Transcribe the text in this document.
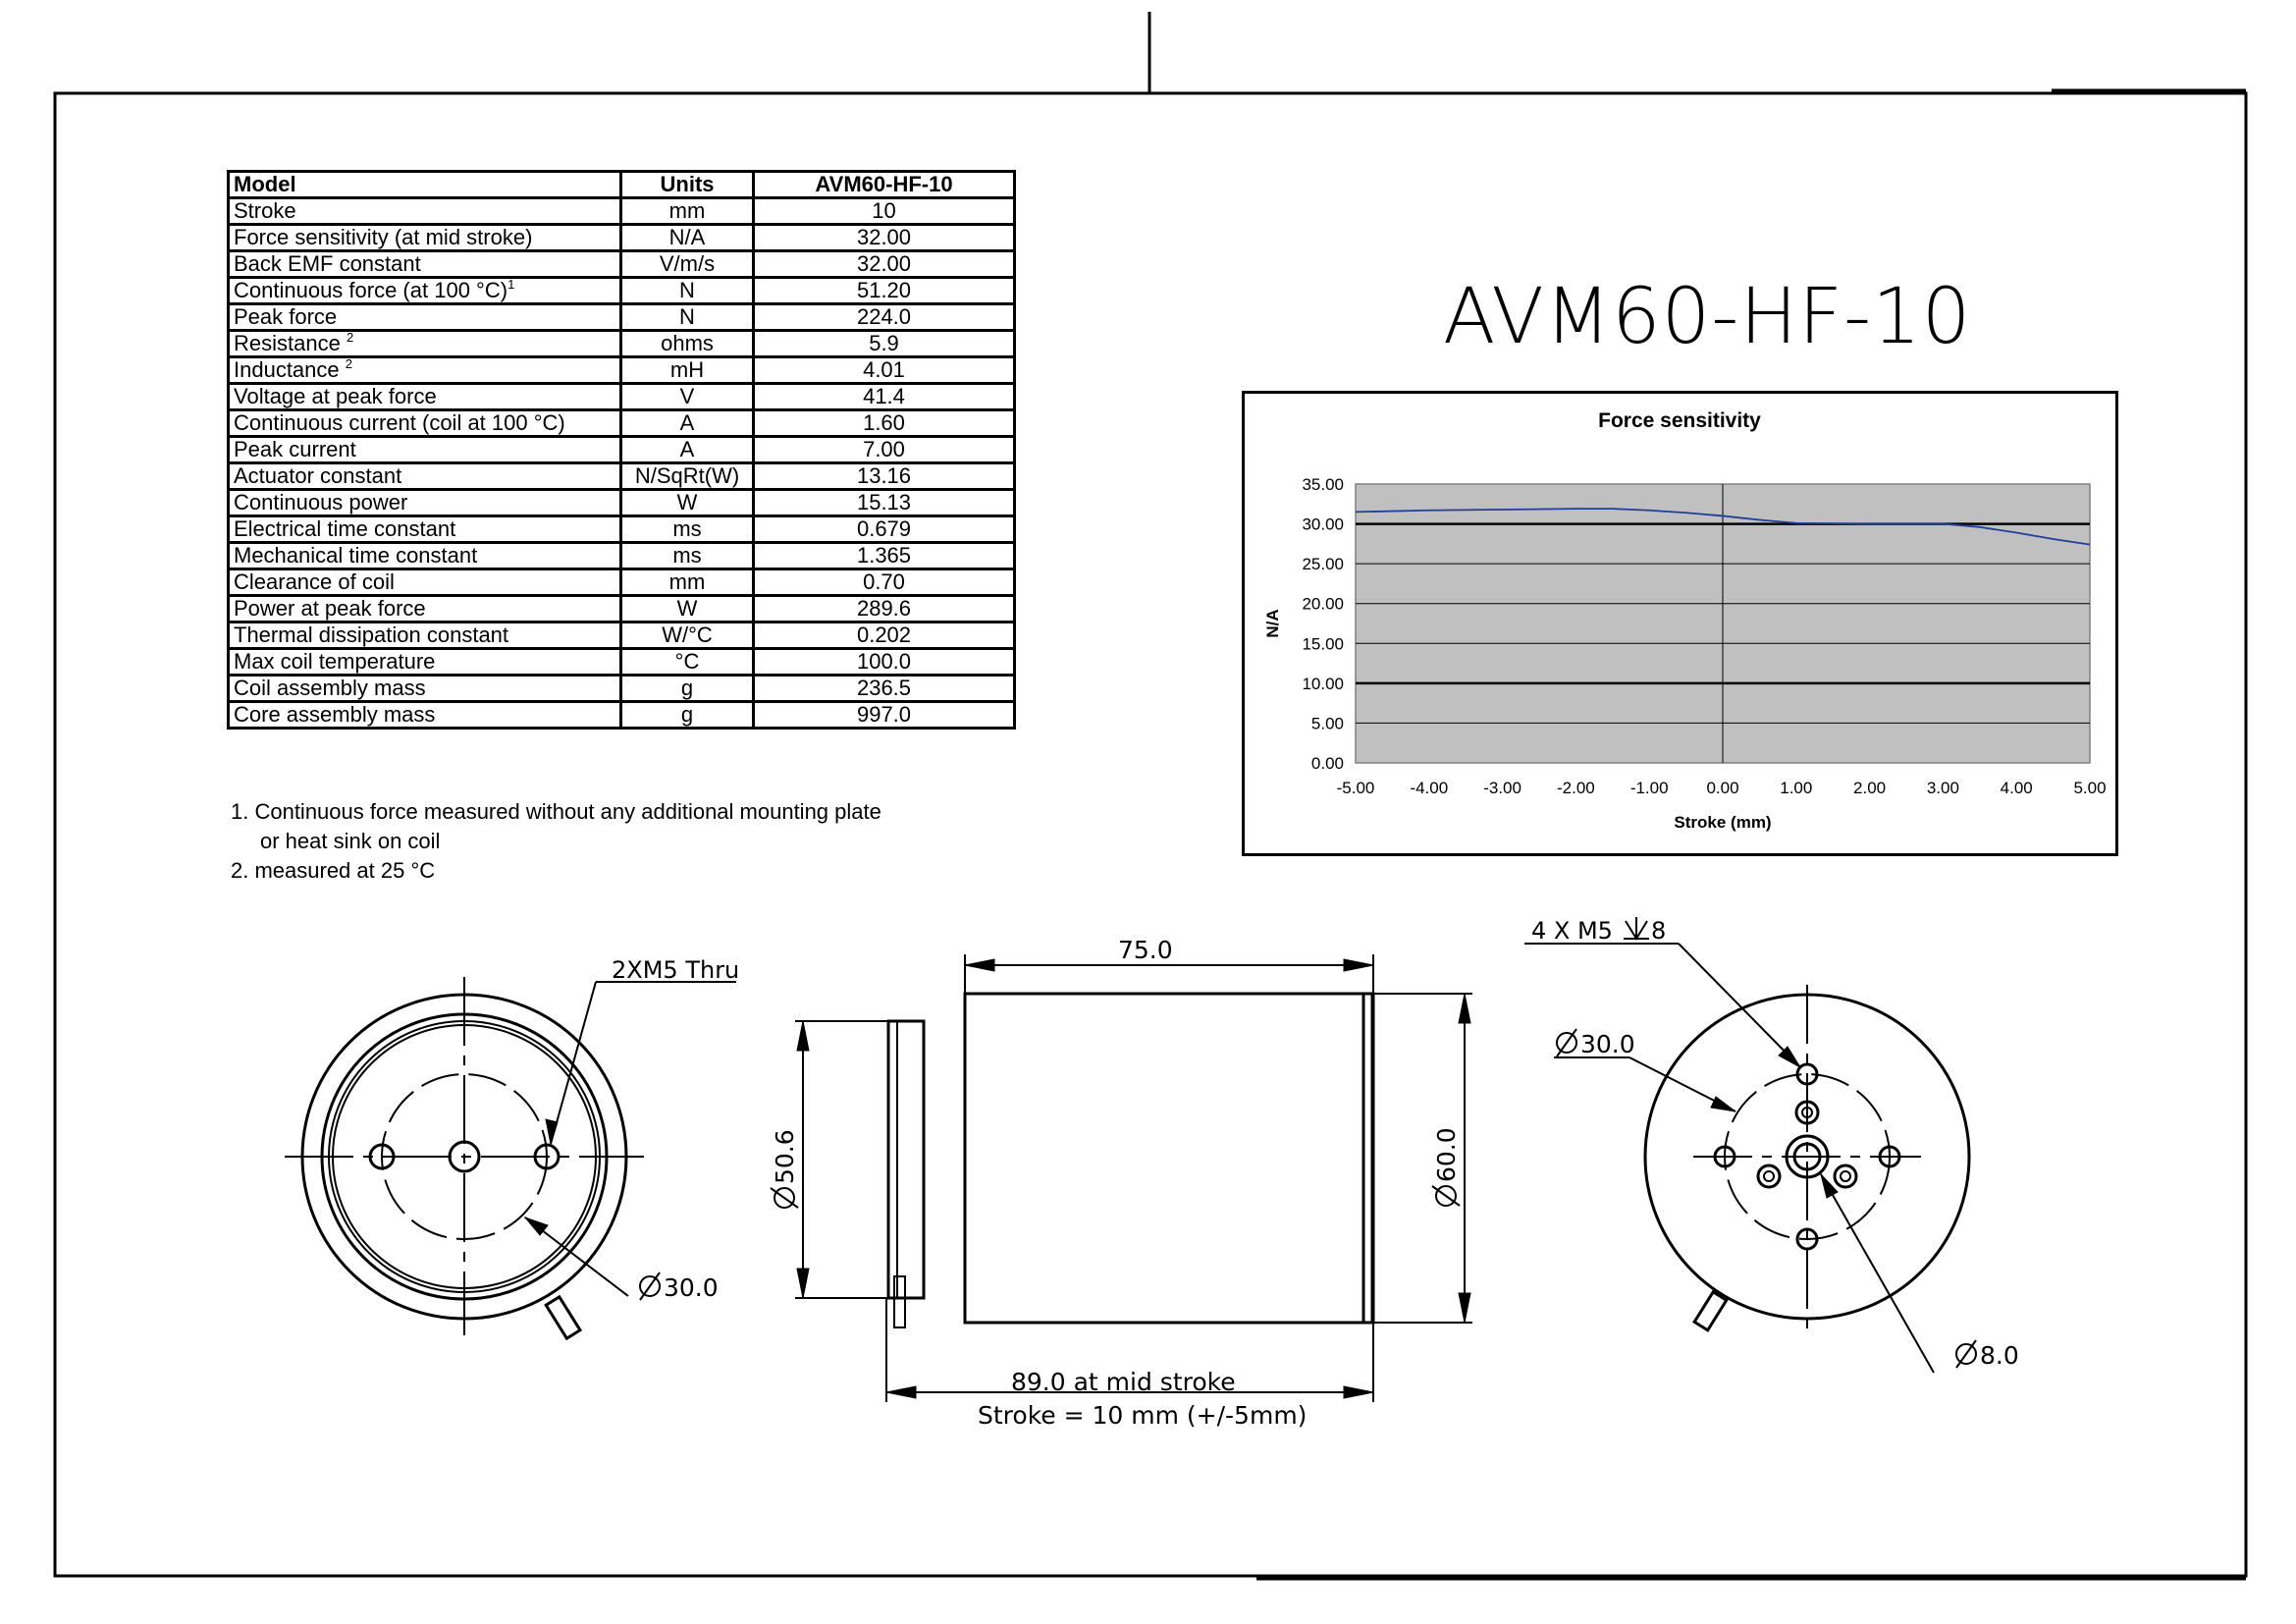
2XM5 Thru
30.0
75.0
50.6	60.0
89.0 at mid stroke
Stroke = 10 mm (+/-5mm)
4 X M5 8
30.0
8.0
Model	Units	AVM60-HF-10
Stroke	mm	10
Force sensitivity (at mid stroke)	N/A	32.00
Back EMF constant	V/m/s	32.00
Continuous force (at 100 °C)$^1$	N	51.20
Peak force	N	224.0
Resistance $^2$	ohms	5.9
Inductance $^2$	mH	4.01
Voltage at peak force	V	41.4
Continuous current (coil at 100 °C)	A	1.60
Peak current	A	7.00
Actuator constant	N/SqRt(W)	13.16
Continuous power	W	15.13
Electrical time constant	ms	0.679
Mechanical time constant	ms	1.365
Clearance of coil	mm	0.70
Power at peak force	W	289.6
Thermal dissipation constant	W/°C	0.202
Max coil temperature	°C	100.0
Coil assembly mass	g	236.5
Core assembly mass	g	997.0
1. Continuous force measured without any additional mounting plate
or heat sink on coil
2. measured at 25 °C
AVM60-HF-10
0.00
5.00
10.00
15.00
20.00
25.00
30.00
35.00
-5.00 -4.00 -3.00 -2.00 -1.00 0.00 1.00 2.00 3.00 4.00 5.00
Force sensitivity
Stroke (mm)
N/A
